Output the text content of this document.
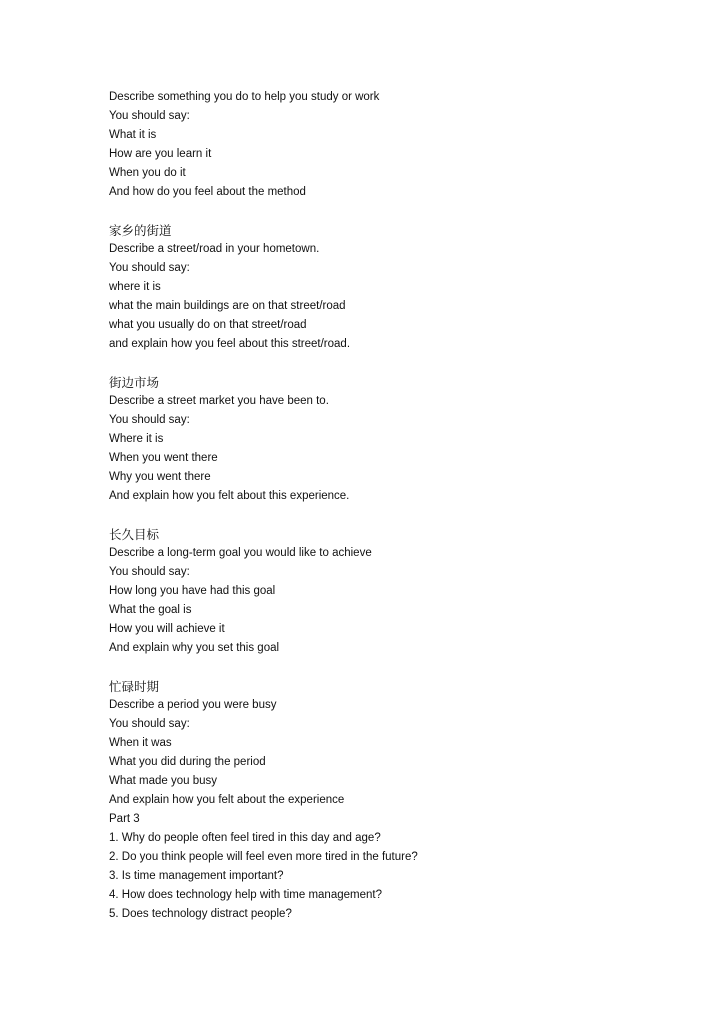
Describe something you do to help you study or work
You should say:
What it is
How are you learn it
When you do it
And how do you feel about the method
家乡的街道
Describe a street/road in your hometown.
You should say:
where it is
what the main buildings are on that street/road
what you usually do on that street/road
and explain how you feel about this street/road.
街边市场
Describe a street market you have been to.
You should say:
Where it is
When you went there
Why you went there
And explain how you felt about this experience.
长久目标
Describe a long-term goal you would like to achieve
You should say:
How long you have had this goal
What the goal is
How you will achieve it
And explain why you set this goal
忙碌时期
Describe a period you were busy
You should say:
When it was
What you did during the period
What made you busy
And explain how you felt about the experience
Part 3
1. Why do people often feel tired in this day and age?
2. Do you think people will feel even more tired in the future?
3. Is time management important?
4. How does technology help with time management?
5. Does technology distract people?
